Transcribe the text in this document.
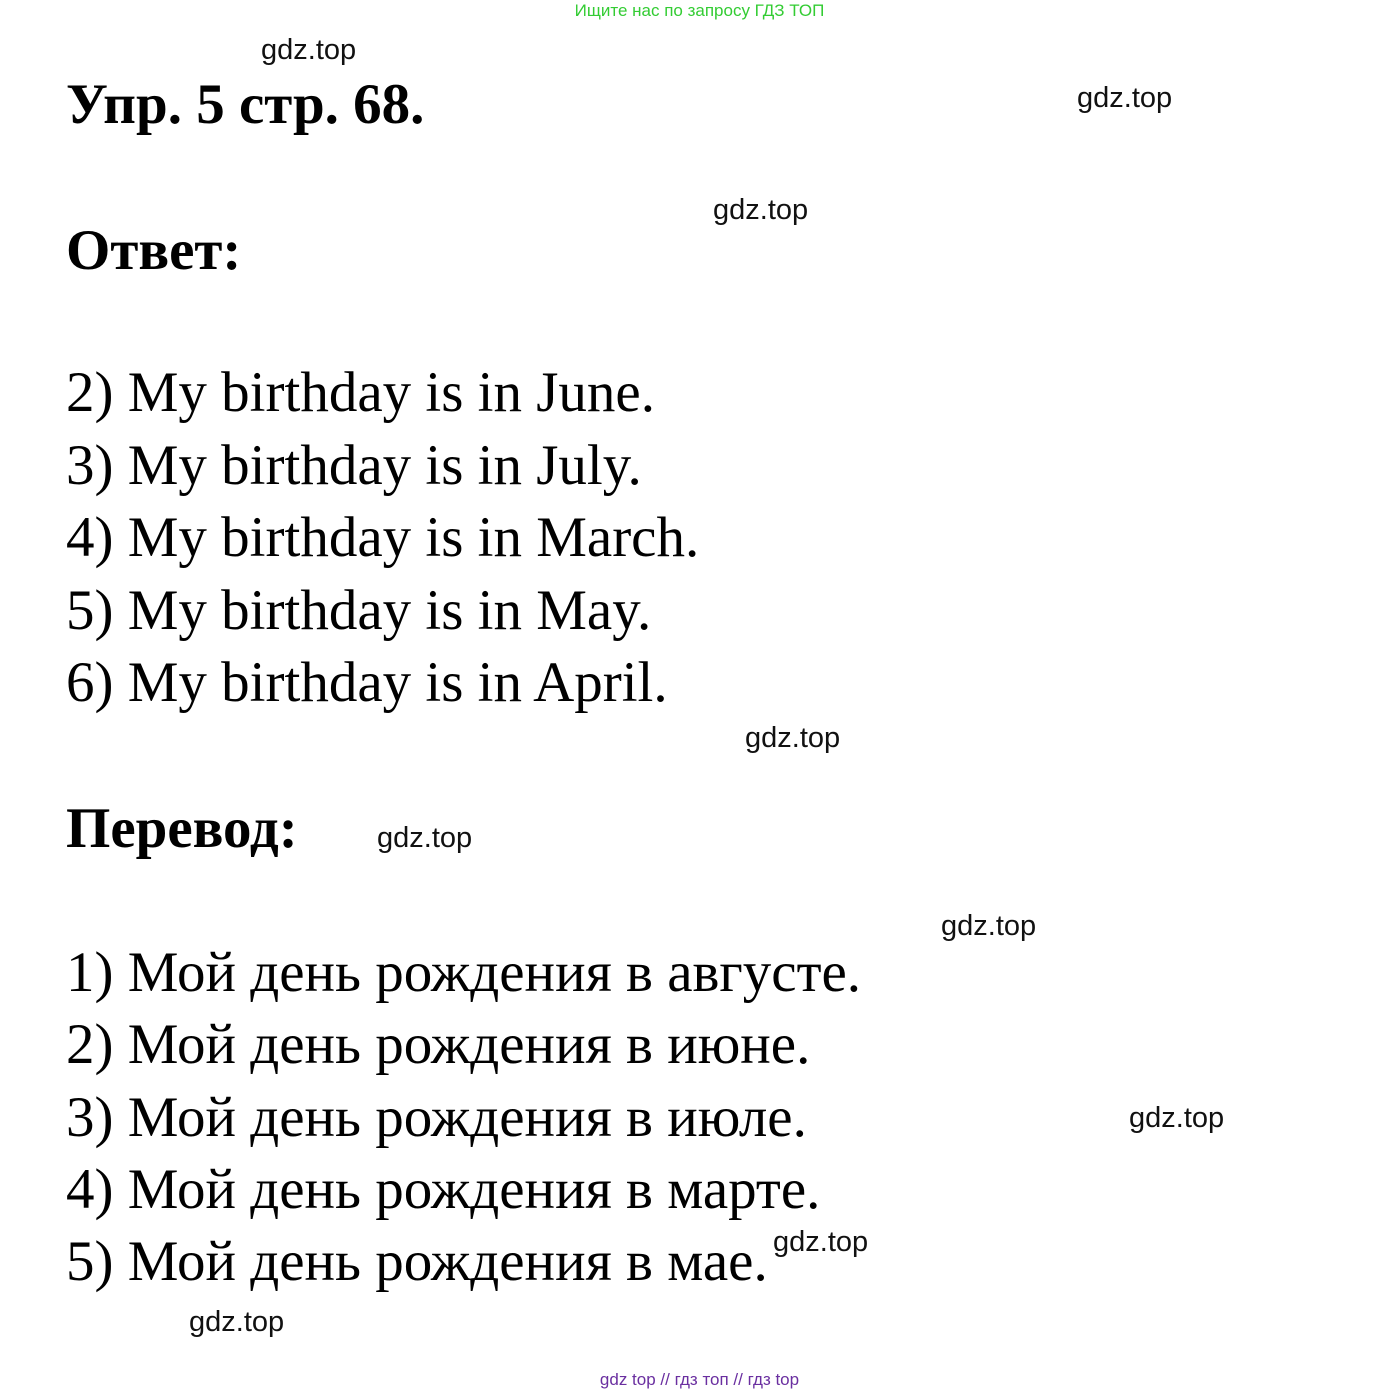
Ищите нас по запросу ГДЗ ТОП
Упр. 5 стр. 68.
Ответ:
2) My birthday is in June.
3) My birthday is in July.
4) My birthday is in March.
5) My birthday is in May.
6) My birthday is in April.
Перевод:
1) Мой день рождения в августе.
2) Мой день рождения в июне.
3) Мой день рождения в июле.
4) Мой день рождения в марте.
5) Мой день рождения в мае.
gdz.top
gdz.top
gdz.top
gdz.top
gdz.top
gdz.top
gdz.top
gdz.top
gdz.top
gdz top // гдз топ // гдз top
